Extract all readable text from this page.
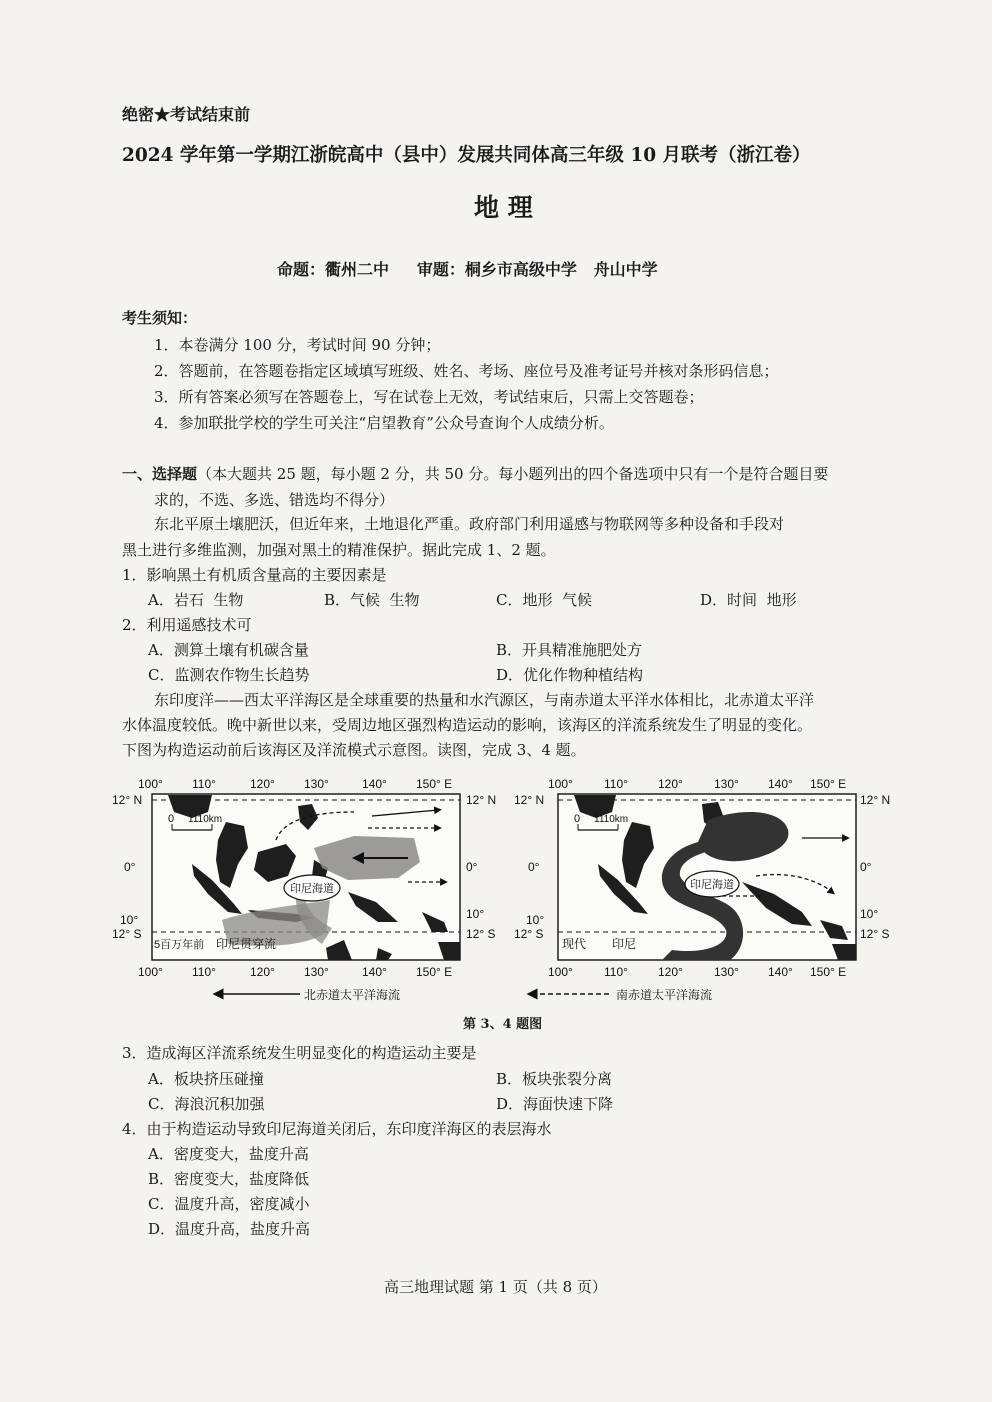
绝密★考试结束前
2024 学年第一学期江浙皖高中（县中）发展共同体高三年级 10 月联考（浙江卷）
地 理
命题：衢州二中     审题：桐乡市高级中学   舟山中学
考生须知：
1．本卷满分 100 分，考试时间 90 分钟；
2．答题前，在答题卷指定区域填写班级、姓名、考场、座位号及准考证号并核对条形码信息；
3．所有答案必须写在答题卷上，写在试卷上无效，考试结束后，只需上交答题卷；
4．参加联批学校的学生可关注“启望教育”公众号查询个人成绩分析。
一、选择题（本大题共 25 题，每小题 2 分，共 50 分。每小题列出的四个备选项中只有一个是符合题目要
求的，不选、多选、错选均不得分）
东北平原土壤肥沃，但近年来，土地退化严重。政府部门利用遥感与物联网等多种设备和手段对
黑土进行多维监测，加强对黑土的精准保护。据此完成 1、2 题。
1．影响黑土有机质含量高的主要因素是
A．岩石  生物	B．气候  生物	C．地形  气候	D．时间  地形
2．利用遥感技术可
A．测算土壤有机碳含量	B．开具精准施肥处方
C．监测农作物生长趋势	D．优化作物种植结构
东印度洋——西太平洋海区是全球重要的热量和水汽源区，与南赤道太平洋水体相比，北赤道太平洋
水体温度较低。晚中新世以来，受周边地区强烈构造运动的影响，该海区的洋流系统发生了明显的变化。
下图为构造运动前后该海区及洋流模式示意图。读图，完成 3、4 题。
100° 110°	120° 130°	140° 150° E
100° 110°	120° 130°	140° 150° E
12° N	12° N
0°	0°
10°	10°
12° S	12° S
0 1110km
印尼海道
5百万年前 印尼贯穿流
北赤道太平洋海流
100°	110°	120°	130° 140° 150° E
100°	110°	120°	130° 140° 150° E
12° N	12° N
0°	0°
10°	10°
12° S	12° S
印尼海道
0 1110km
现代 印尼
南赤道太平洋海流
第 3、4 题图
3．造成海区洋流系统发生明显变化的构造运动主要是
A．板块挤压碰撞	B．板块张裂分离
C．海浪沉积加强	D．海面快速下降
4．由于构造运动导致印尼海道关闭后，东印度洋海区的表层海水
A．密度变大，盐度升高
B．密度变大，盐度降低
C．温度升高，密度减小
D．温度升高，盐度升高
高三地理试题 第 1 页（共 8 页）
